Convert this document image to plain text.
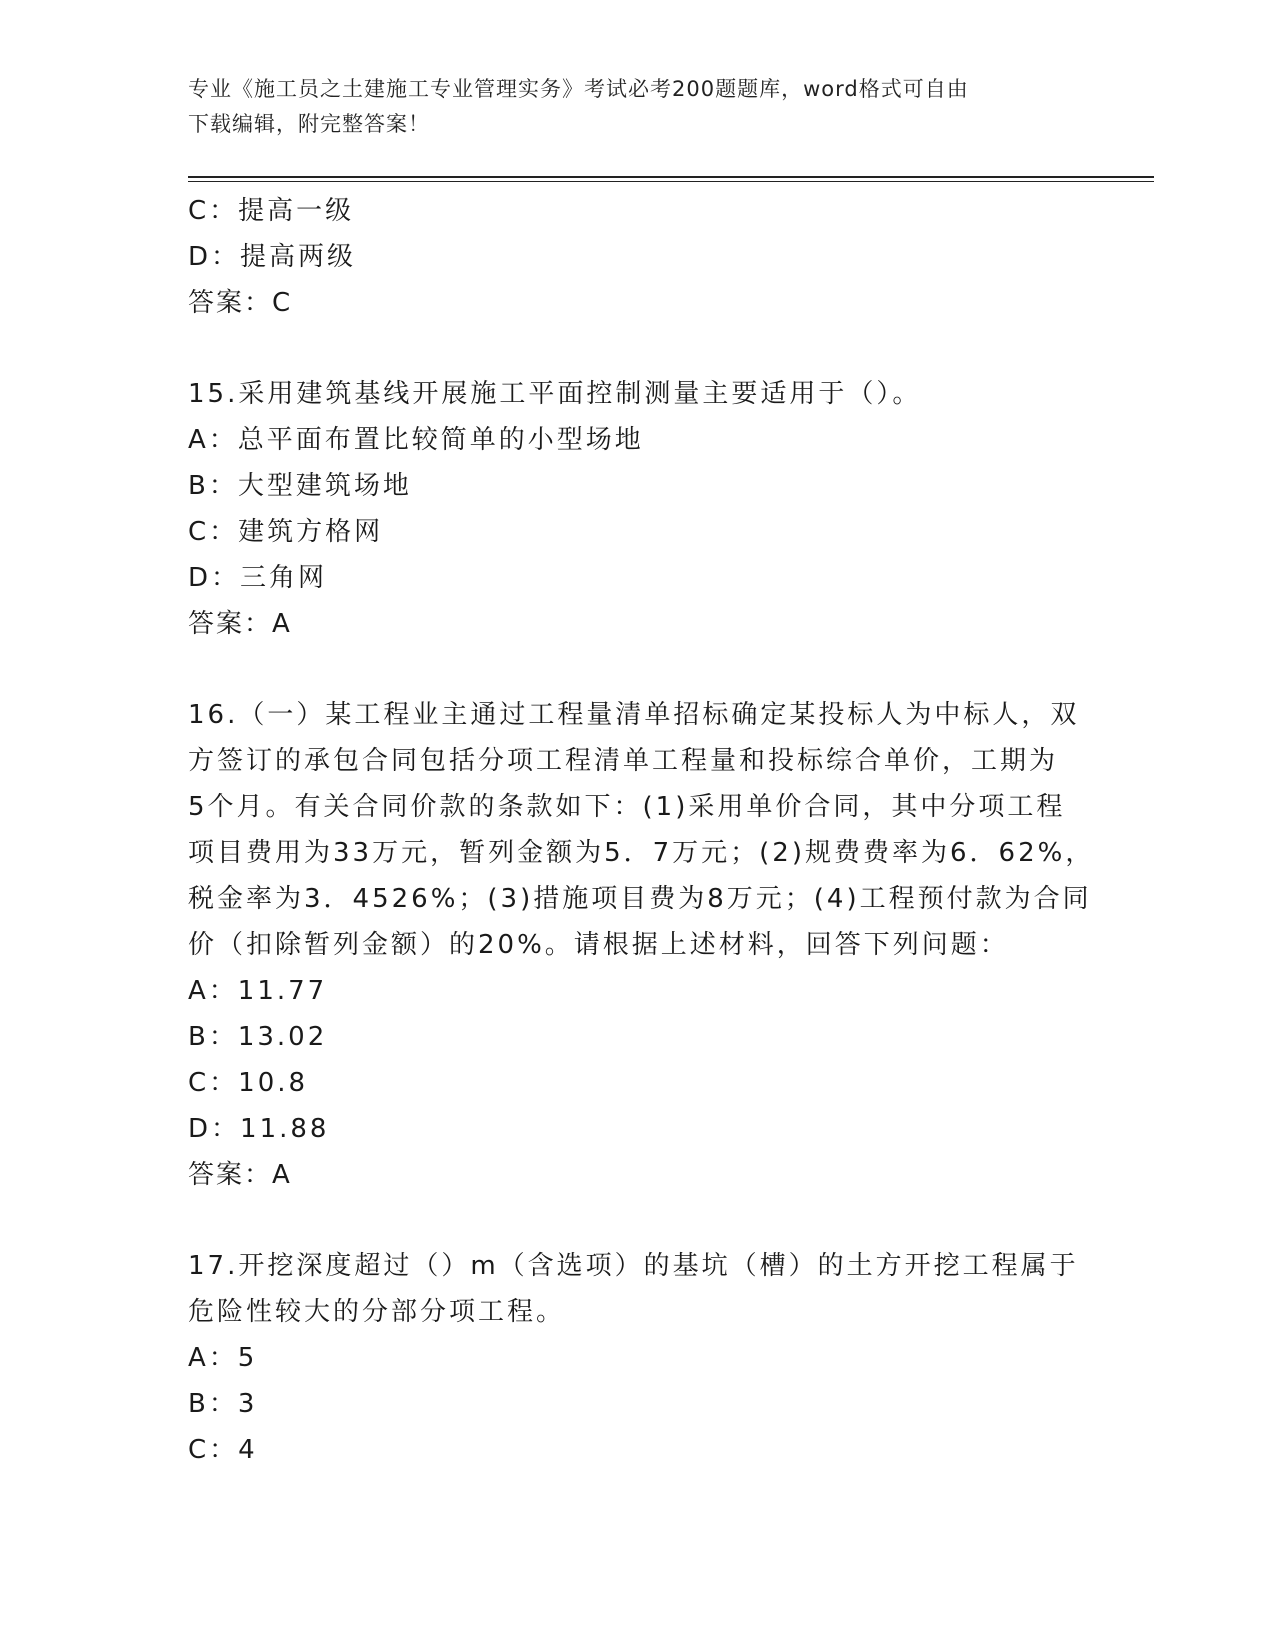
专业《施工员之土建施工专业管理实务》考试必考200题题库，word格式可自由
下载编辑，附完整答案！
C：提高一级
D：提高两级
答案：C
15.采用建筑基线开展施工平面控制测量主要适用于（）。
A：总平面布置比较简单的小型场地
B：大型建筑场地
C：建筑方格网
D：三角网
答案：A
16.（一）某工程业主通过工程量清单招标确定某投标人为中标人，双
方签订的承包合同包括分项工程清单工程量和投标综合单价，工期为
5个月。有关合同价款的条款如下：(1)采用单价合同，其中分项工程
项目费用为33万元，暂列金额为5．7万元；(2)规费费率为6．62%，
税金率为3．4526%；(3)措施项目费为8万元；(4)工程预付款为合同
价（扣除暂列金额）的20%。请根据上述材料，回答下列问题：
A：11.77
B：13.02
C：10.8
D：11.88
答案：A
17.开挖深度超过（）m（含选项）的基坑（槽）的土方开挖工程属于
危险性较大的分部分项工程。
A：5
B：3
C：4
